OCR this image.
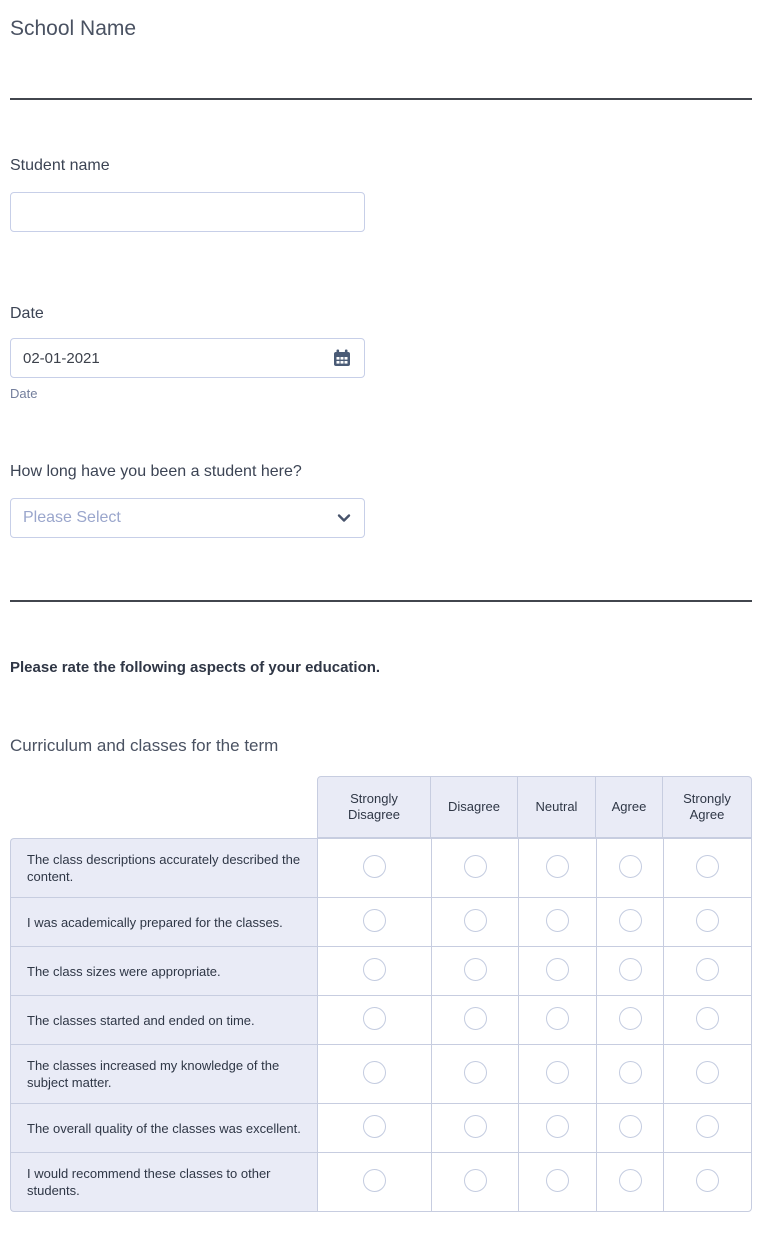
School Name
Student name
Date
02-01-2021
Date
How long have you been a student here?
Please Select
Please rate the following aspects of your education.
Curriculum and classes for the term
	Strongly Disagree	Disagree	Neutral	Agree	Strongly Agree
The class descriptions accurately described the content.					
I was academically prepared for the classes.					
The class sizes were appropriate.					
The classes started and ended on time.					
The classes increased my knowledge of the subject matter.					
The overall quality of the classes was excellent.					
I would recommend these classes to other students.					
